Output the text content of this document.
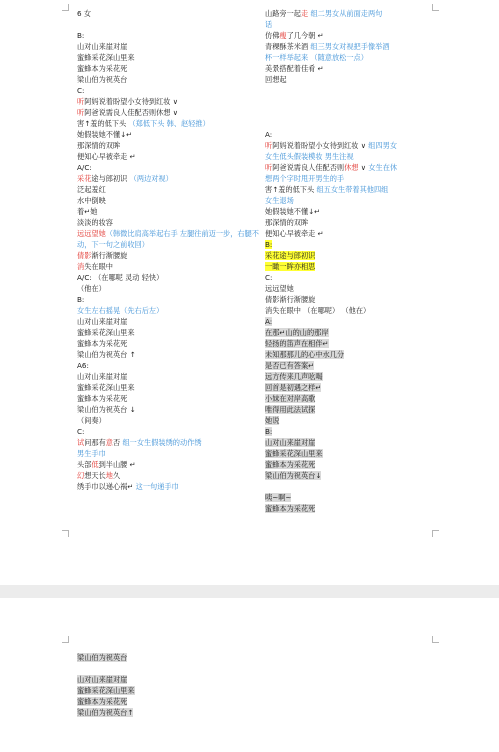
6 女
B:
山对山来崖对崖
蜜蜂采花深山里来
蜜蜂本为采花死
梁山伯为祝英台
C:
听阿妈说着盼望小女待到红妆 ∨
听阿爸说需良人佳配否则休想 ∨
害↑羞的低下头 （郑低下头 韩、赵轻推）
她假装她不懂↓↵
那深情的双眸
便知心早被牵走 ↵
A/C:
采花途与郎初识 （两边对视）
泛起羞红
水中倒映
着↵她
淡淡的妆容
远远望她（韩微比肩高举起右手 左腿往前迈一步，右腿不动，下一句之前收回）
倩影渐行渐腰旋
消失在眼中
A/C: （在哪呢 灵动 轻快）
（他在）
B:
女生左右摇晃（先右后左）
山对山来崖对崖
蜜蜂采花深山里来
蜜蜂本为采花死
梁山伯为祝英台 ↑
A6:
山对山来崖对崖
蜜蜂采花深山里来
蜜蜂本为采花死
梁山伯为祝英台 ↓
（间奏）
C:
试问那有意否 组一女生假装绣的动作绣
男生手巾
头部低到半山腰 ↵
幻想天长地久
绣手巾以递心祸↵ 这一句递手巾
山路旁一起走 组二男女从前面走两句
话
仿佛瘦了几今朝 ↵
青稞酥茶米酒 组三男女对视把手像举酒
杯一样举起来 （随意放松一点）
美景搭配着佳肴 ↵
回想起
A:
听阿妈说着盼望小女待到红妆 ∨ 组四男女
女生低头假装模妆 男生注视
听阿爸说需良人佳配否则休想 ∨ 女生在休
想两个字时甩开男生的手
害↑羞的低下头 组五女生带着其他四组
女生退场
她假装她不懂↓↵
那深情的双眸
便知心早被牵走 ↵
B:
采花途与郎初识
一瞰一眸亦相思
C:
远远望她
倩影渐行渐腰旋
消失在眼中 （在哪呢） （他在）
A:
在那↵山的山的那岸
轻扬的笛声在相伴↵
未知那那儿的心中水几分
是否已有答案↵
远方传来几声吆喝
回首是初遇之样↵
小妹在对岸高歌
唯得用此法试探
她说
B:
山对山来崖对崖
蜜蜂采花深山里来
蜜蜂本为采花死
梁山伯为祝英台↓
咦~啊~
蜜蜂本为采花死
梁山伯为祝英台
山对山来崖对崖
蜜蜂采花深山里来
蜜蜂本为采花死
梁山伯为祝英台↑
